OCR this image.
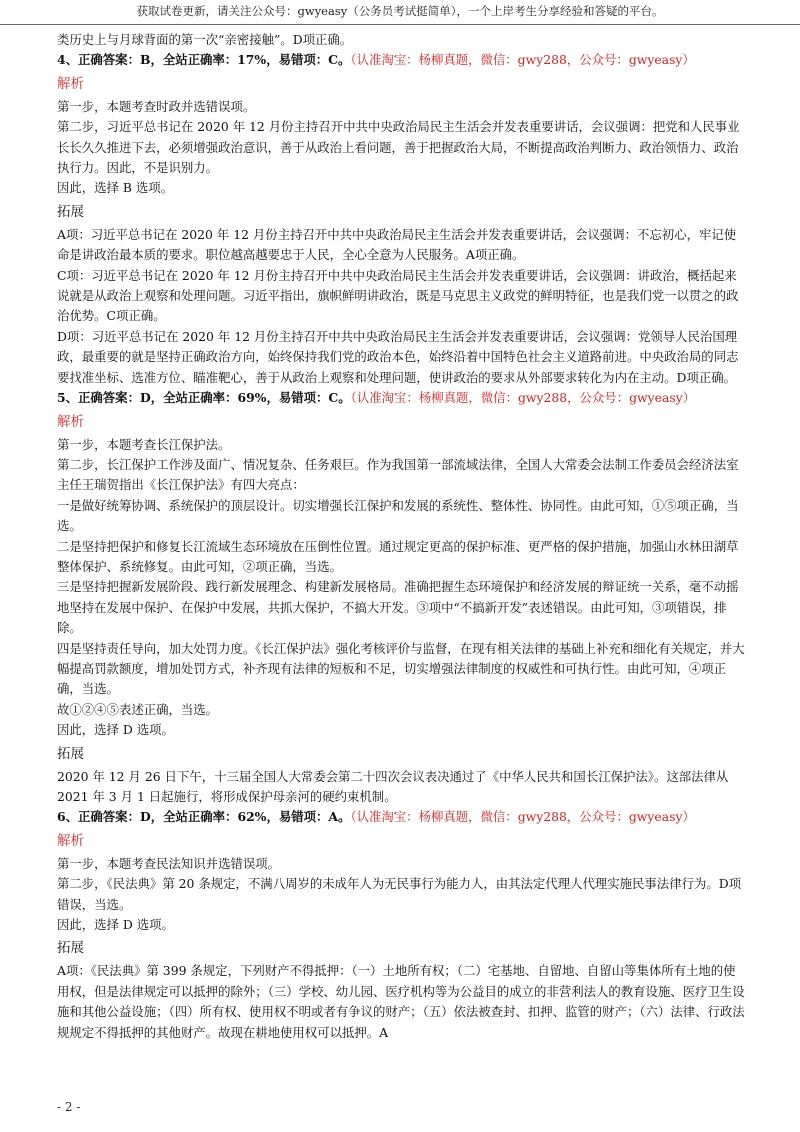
获取试卷更新，请关注公众号：gwyeasy（公务员考试挺简单），一个上岸考生分享经验和答疑的平台。

类历史上与月球背面的第一次“亲密接触”。D项正确。

4、正确答案：B，全站正确率：17%，易错项：C。（认准淘宝：杨柳真题，微信：gwy288，公众号：gwyeasy）

解析

第一步，本题考查时政并选错误项。

第二步，习近平总书记在 2020 年 12 月份主持召开中共中央政治局民主生活会并发表重要讲话，会议强调：把党和人民事业长长久久推进下去，必须增强政治意识，善于从政治上看问题，善于把握政治大局，不断提高政治判断力、政治领悟力、政治执行力。因此，不是识别力。

因此，选择 B 选项。

拓展

A项：习近平总书记在 2020 年 12 月份主持召开中共中央政治局民主生活会并发表重要讲话，会议强调：不忘初心，牢记使命是讲政治最本质的要求。职位越高越要忠于人民，全心全意为人民服务。A项正确。

C项：习近平总书记在 2020 年 12 月份主持召开中共中央政治局民主生活会并发表重要讲话，会议强调：讲政治，概括起来说就是从政治上观察和处理问题。习近平指出，旗帜鲜明讲政治，既是马克思主义政党的鲜明特征，也是我们党一以贯之的政治优势。C项正确。

D项：习近平总书记在 2020 年 12 月份主持召开中共中央政治局民主生活会并发表重要讲话，会议强调：党领导人民治国理政，最重要的就是坚持正确政治方向，始终保持我们党的政治本色，始终沿着中国特色社会主义道路前进。中央政治局的同志要找准坐标、选准方位、瞄准靶心，善于从政治上观察和处理问题，使讲政治的要求从外部要求转化为内在主动。D项正确。

5、正确答案：D，全站正确率：69%，易错项：C。（认准淘宝：杨柳真题，微信：gwy288，公众号：gwyeasy）

解析

第一步，本题考查长江保护法。

第二步，长江保护工作涉及面广、情况复杂、任务艰巨。作为我国第一部流域法律，全国人大常委会法制工作委员会经济法室主任王瑞贺指出《长江保护法》有四大亮点：

一是做好统筹协调、系统保护的顶层设计。切实增强长江保护和发展的系统性、整体性、协同性。由此可知，①⑤项正确，当选。

二是坚持把保护和修复长江流域生态环境放在压倒性位置。通过规定更高的保护标准、更严格的保护措施，加强山水林田湖草整体保护、系统修复。由此可知，②项正确，当选。

三是坚持把握新发展阶段、践行新发展理念、构建新发展格局。准确把握生态环境保护和经济发展的辩证统一关系，毫不动摇地坚持在发展中保护、在保护中发展，共抓大保护，不搞大开发。③项中“不搞新开发”表述错误。由此可知，③项错误，排除。

四是坚持责任导向，加大处罚力度。《长江保护法》强化考核评价与监督，在现有相关法律的基础上补充和细化有关规定，并大幅提高罚款额度，增加处罚方式，补齐现有法律的短板和不足，切实增强法律制度的权威性和可执行性。由此可知，④项正确，当选。

故①②④⑤表述正确，当选。

因此，选择 D 选项。

拓展

2020 年 12 月 26 日下午，十三届全国人大常委会第二十四次会议表决通过了《中华人民共和国长江保护法》。这部法律从 2021 年 3 月 1 日起施行，将形成保护母亲河的硬约束机制。

6、正确答案：D，全站正确率：62%，易错项：A。（认准淘宝：杨柳真题，微信：gwy288，公众号：gwyeasy）

解析

第一步，本题考查民法知识并选错误项。

第二步，《民法典》第 20 条规定，不满八周岁的未成年人为无民事行为能力人，由其法定代理人代理实施民事法律行为。D项错误，当选。

因此，选择 D 选项。

拓展

A项：《民法典》第 399 条规定，下列财产不得抵押：（一）土地所有权；（二）宅基地、自留地、自留山等集体所有土地的使用权，但是法律规定可以抵押的除外；（三）学校、幼儿园、医疗机构等为公益目的成立的非营利法人的教育设施、医疗卫生设施和其他公益设施；（四）所有权、使用权不明或者有争议的财产；（五）依法被查封、扣押、监管的财产；（六）法律、行政法规规定不得抵押的其他财产。故现在耕地使用权可以抵押。A

- 2 -
